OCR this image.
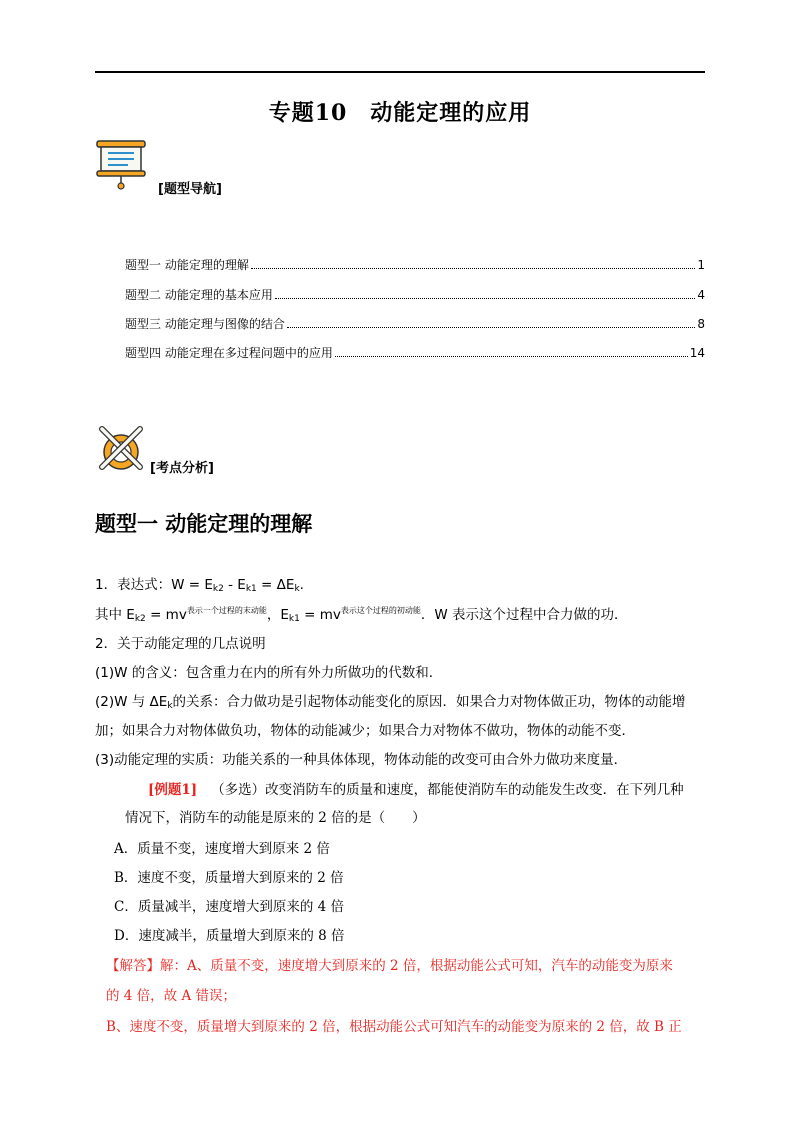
专题10　动能定理的应用
[题型导航]
题型一 动能定理的理解	1
题型二 动能定理的基本应用	4
题型三 动能定理与图像的结合	8
题型四 动能定理在多过程问题中的应用	14
[考点分析]
题型一 动能定理的理解
1．表达式：$W = E_{k2} - E_{k1} = \Delta E_k$.
其中 $E_{k2} = mv^{表示一个过程的末动能}$，$E_{k1} = mv^{表示这个过程的初动能}$．W 表示这个过程中合力做的功．
2．关于动能定理的几点说明
(1)W 的含义：包含重力在内的所有外力所做功的代数和．
(2)W 与 $\Delta E_k$的关系：合力做功是引起物体动能变化的原因．如果合力对物体做正功，物体的动能增
加；如果合力对物体做负功，物体的动能减少；如果合力对物体不做功，物体的动能不变．
(3)动能定理的实质：功能关系的一种具体体现，物体动能的改变可由合外力做功来度量．
[例题1] （多选）改变消防车的质量和速度，都能使消防车的动能发生改变．在下列几种
情况下，消防车的动能是原来的 2 倍的是（　　）
A．质量不变，速度增大到原来 2 倍
B．速度不变，质量增大到原来的 2 倍
C．质量减半，速度增大到原来的 4 倍
D．速度减半，质量增大到原来的 8 倍
【解答】解：A、质量不变，速度增大到原来的 2 倍，根据动能公式可知，汽车的动能变为原来
的 4 倍，故 A 错误；
B、速度不变，质量增大到原来的 2 倍，根据动能公式可知汽车的动能变为原来的 2 倍，故 B 正
